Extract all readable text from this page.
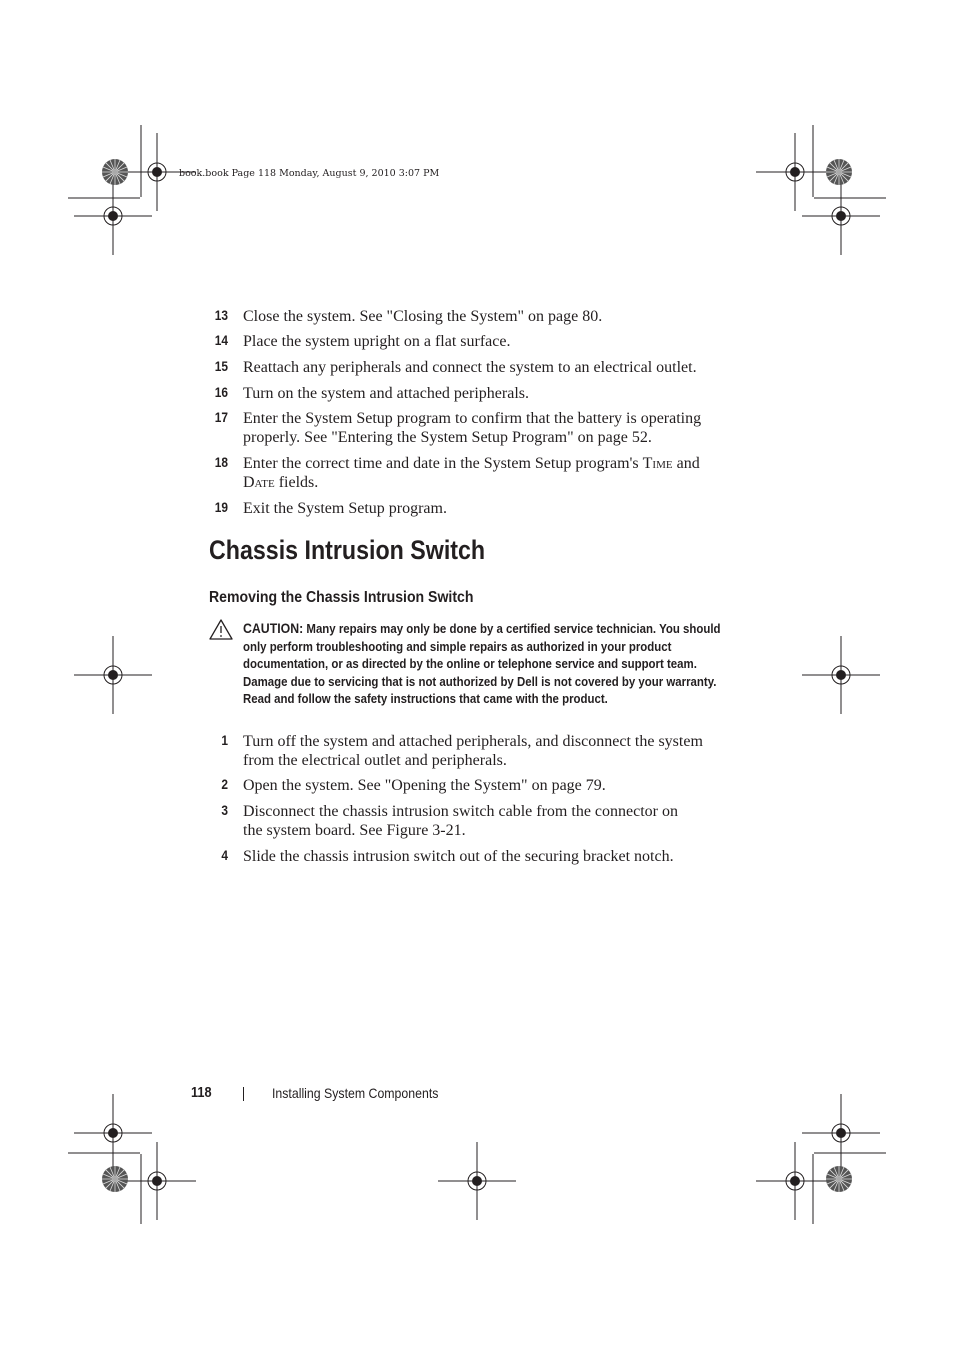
book.book Page 118 Monday, August 9, 2010 3:07 PM
13 Close the system. See "Closing the System" on page 80.
14 Place the system upright on a flat surface.
15 Reattach any peripherals and connect the system to an electrical outlet.
16 Turn on the system and attached peripherals.
17 Enter the System Setup program to confirm that the battery is operating properly. See "Entering the System Setup Program" on page 52.
18 Enter the correct time and date in the System Setup program's Time and Date fields.
19 Exit the System Setup program.
Chassis Intrusion Switch
Removing the Chassis Intrusion Switch
CAUTION: Many repairs may only be done by a certified service technician. You should only perform troubleshooting and simple repairs as authorized in your product documentation, or as directed by the online or telephone service and support team. Damage due to servicing that is not authorized by Dell is not covered by your warranty. Read and follow the safety instructions that came with the product.
1 Turn off the system and attached peripherals, and disconnect the system from the electrical outlet and peripherals.
2 Open the system. See "Opening the System" on page 79.
3 Disconnect the chassis intrusion switch cable from the connector on the system board. See Figure 3-21.
4 Slide the chassis intrusion switch out of the securing bracket notch.
118	Installing System Components
